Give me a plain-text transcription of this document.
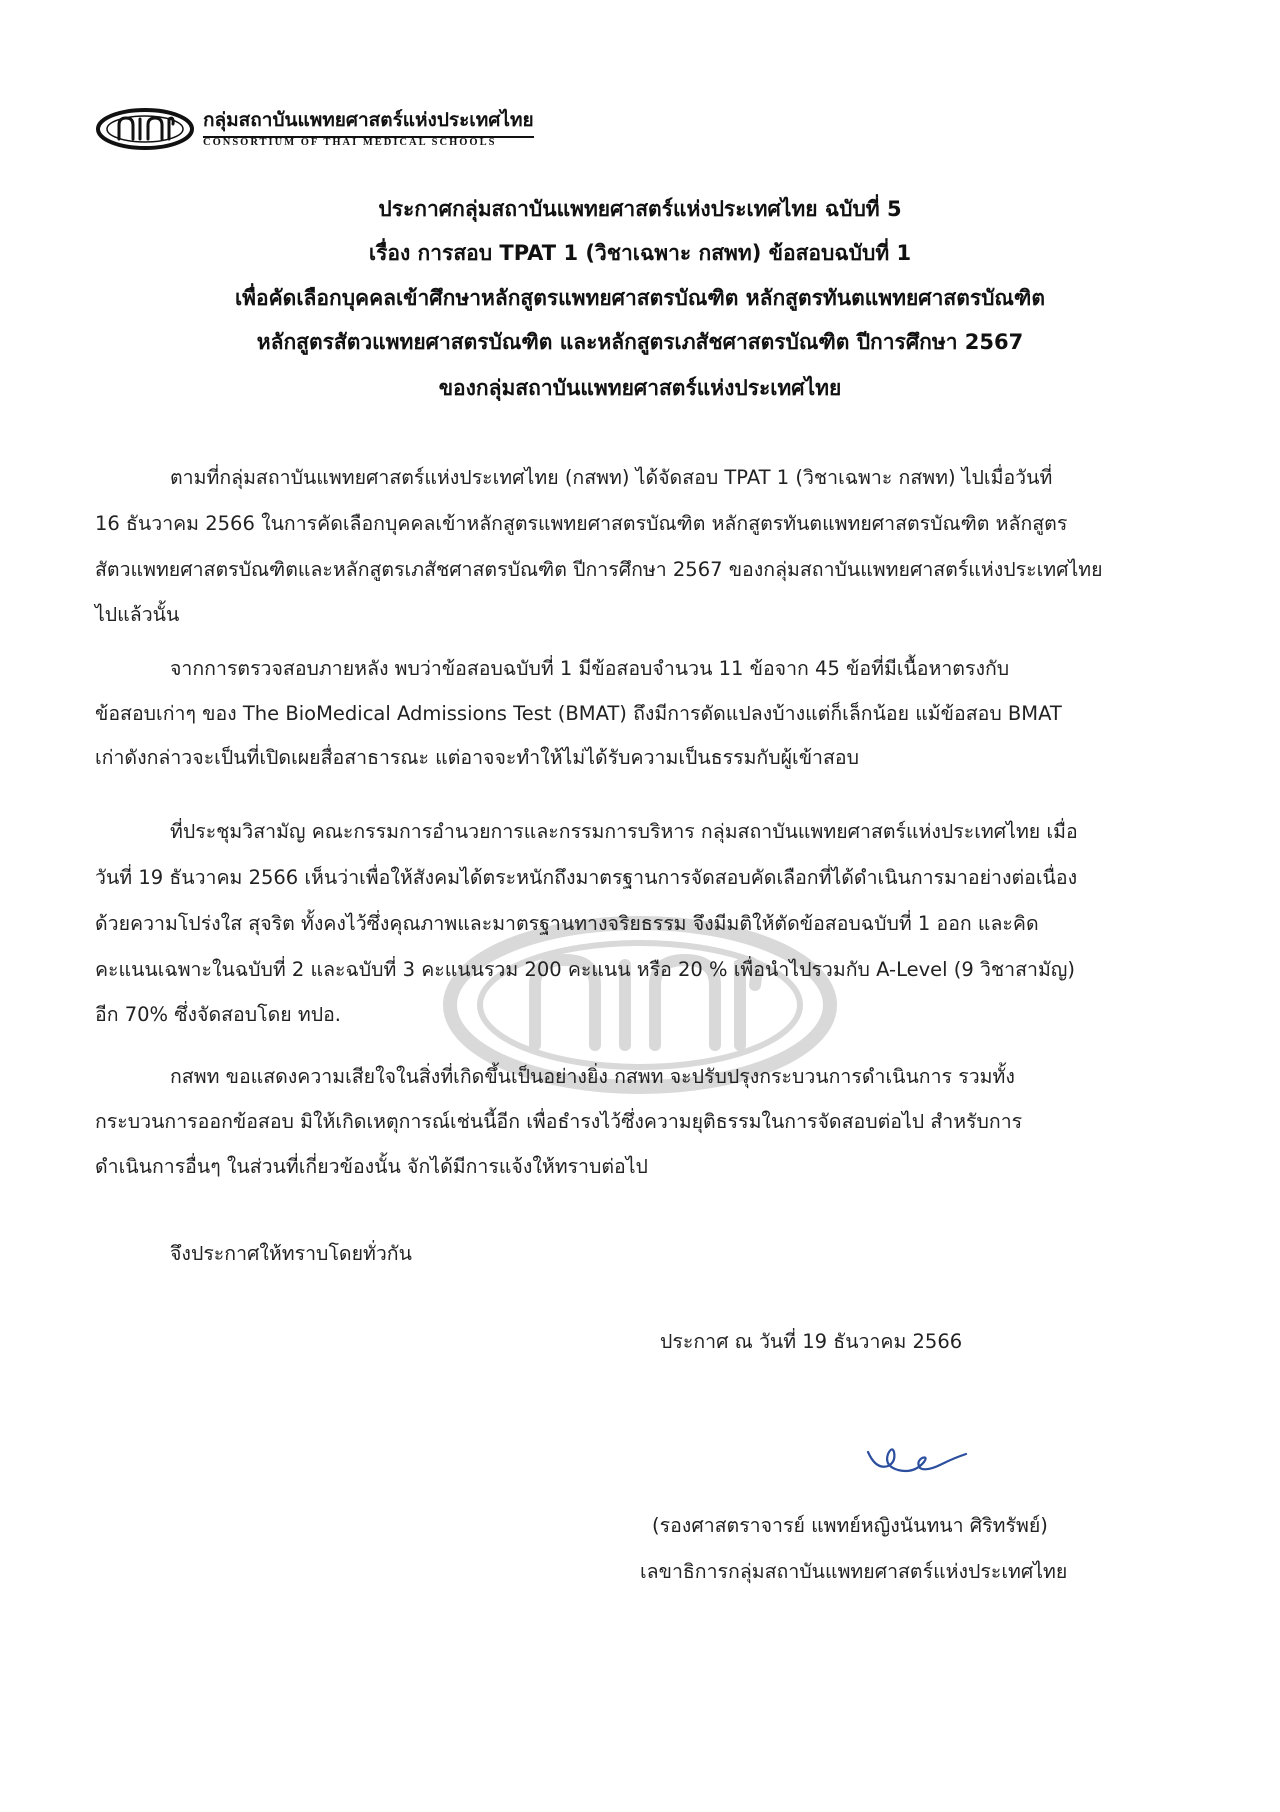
กสพท
กลุ่มสถาบันแพทยศาสตร์แห่งประเทศไทย
CONSORTIUM OF THAI MEDICAL SCHOOLS
ประกาศกลุ่มสถาบันแพทยศาสตร์แห่งประเทศไทย ฉบับที่ 5
เรื่อง การสอบ TPAT 1 (วิชาเฉพาะ กสพท) ข้อสอบฉบับที่ 1
เพื่อคัดเลือกบุคคลเข้าศึกษาหลักสูตรแพทยศาสตรบัณฑิต หลักสูตรทันตแพทยศาสตรบัณฑิต
หลักสูตรสัตวแพทยศาสตรบัณฑิต และหลักสูตรเภสัชศาสตรบัณฑิต ปีการศึกษา 2567
ของกลุ่มสถาบันแพทยศาสตร์แห่งประเทศไทย
ตามที่กลุ่มสถาบันแพทยศาสตร์แห่งประเทศไทย (กสพท) ได้จัดสอบ TPAT 1 (วิชาเฉพาะ กสพท) ไปเมื่อวันที่
16 ธันวาคม 2566 ในการคัดเลือกบุคคลเข้าหลักสูตรแพทยศาสตรบัณฑิต หลักสูตรทันตแพทยศาสตรบัณฑิต หลักสูตร
สัตวแพทยศาสตรบัณฑิตและหลักสูตรเภสัชศาสตรบัณฑิต ปีการศึกษา 2567 ของกลุ่มสถาบันแพทยศาสตร์แห่งประเทศไทย
ไปแล้วนั้น
จากการตรวจสอบภายหลัง พบว่าข้อสอบฉบับที่ 1 มีข้อสอบจำนวน 11 ข้อจาก 45 ข้อที่มีเนื้อหาตรงกับ
ข้อสอบเก่าๆ ของ The BioMedical Admissions Test (BMAT) ถึงมีการดัดแปลงบ้างแต่ก็เล็กน้อย แม้ข้อสอบ BMAT
เก่าดังกล่าวจะเป็นที่เปิดเผยสื่อสาธารณะ แต่อาจจะทำให้ไม่ได้รับความเป็นธรรมกับผู้เข้าสอบ
ที่ประชุมวิสามัญ คณะกรรมการอำนวยการและกรรมการบริหาร กลุ่มสถาบันแพทยศาสตร์แห่งประเทศไทย เมื่อ
วันที่ 19 ธันวาคม 2566 เห็นว่าเพื่อให้สังคมได้ตระหนักถึงมาตรฐานการจัดสอบคัดเลือกที่ได้ดำเนินการมาอย่างต่อเนื่อง
ด้วยความโปร่งใส สุจริต ทั้งคงไว้ซึ่งคุณภาพและมาตรฐานทางจริยธรรม จึงมีมติให้ตัดข้อสอบฉบับที่ 1 ออก และคิด
คะแนนเฉพาะในฉบับที่ 2 และฉบับที่ 3 คะแนนรวม 200 คะแนน หรือ 20 % เพื่อนำไปรวมกับ A-Level (9 วิชาสามัญ)
อีก 70% ซึ่งจัดสอบโดย ทปอ.
กสพท ขอแสดงความเสียใจในสิ่งที่เกิดขึ้นเป็นอย่างยิ่ง กสพท จะปรับปรุงกระบวนการดำเนินการ รวมทั้ง
กระบวนการออกข้อสอบ มิให้เกิดเหตุการณ์เช่นนี้อีก เพื่อธำรงไว้ซึ่งความยุติธรรมในการจัดสอบต่อไป สำหรับการ
ดำเนินการอื่นๆ ในส่วนที่เกี่ยวข้องนั้น จักได้มีการแจ้งให้ทราบต่อไป
จึงประกาศให้ทราบโดยทั่วกัน
ประกาศ ณ วันที่ 19 ธันวาคม 2566
(รองศาสตราจารย์ แพทย์หญิงนันทนา ศิริทรัพย์)
เลขาธิการกลุ่มสถาบันแพทยศาสตร์แห่งประเทศไทย
